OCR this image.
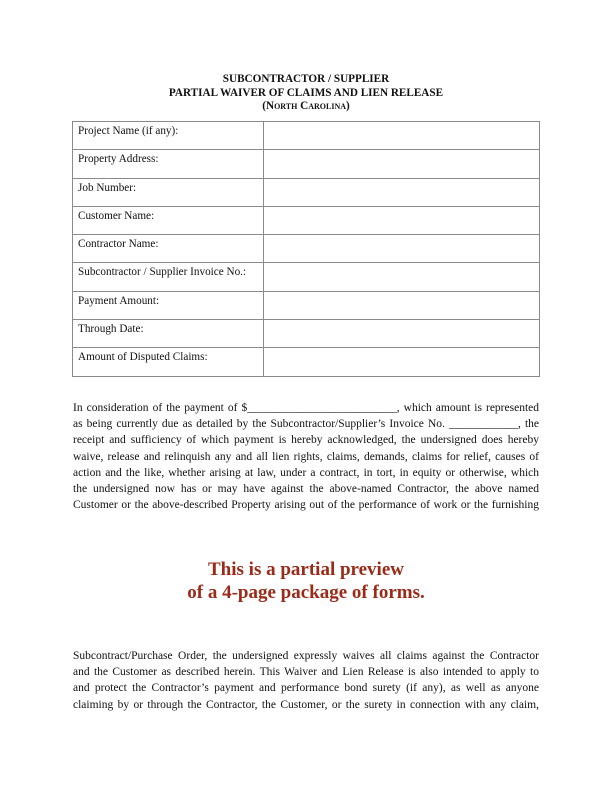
SUBCONTRACTOR / SUPPLIER
PARTIAL WAIVER OF CLAIMS AND LIEN RELEASE
(North Carolina)
Project Name (if any):	
Property Address:	
Job Number:	
Customer Name:	
Contractor Name:	
Subcontractor / Supplier Invoice No.:	
Payment Amount:	
Through Date:	
Amount of Disputed Claims:	
In consideration of the payment of $__________________________, which amount is represented
as being currently due as detailed by the Subcontractor/Supplier’s Invoice No. ____________, the
receipt and sufficiency of which payment is hereby acknowledged, the undersigned does hereby
waive, release and relinquish any and all lien rights, claims, demands, claims for relief, causes of
action and the like, whether arising at law, under a contract, in tort, in equity or otherwise, which
the undersigned now has or may have against the above-named Contractor, the above named
Customer or the above-described Property arising out of the performance of work or the furnishing
This is a partial preview
of a 4-page package of forms.
Subcontract/Purchase Order, the undersigned expressly waives all claims against the Contractor
and the Customer as described herein. This Waiver and Lien Release is also intended to apply to
and protect the Contractor’s payment and performance bond surety (if any), as well as anyone
claiming by or through the Contractor, the Customer, or the surety in connection with any claim,
